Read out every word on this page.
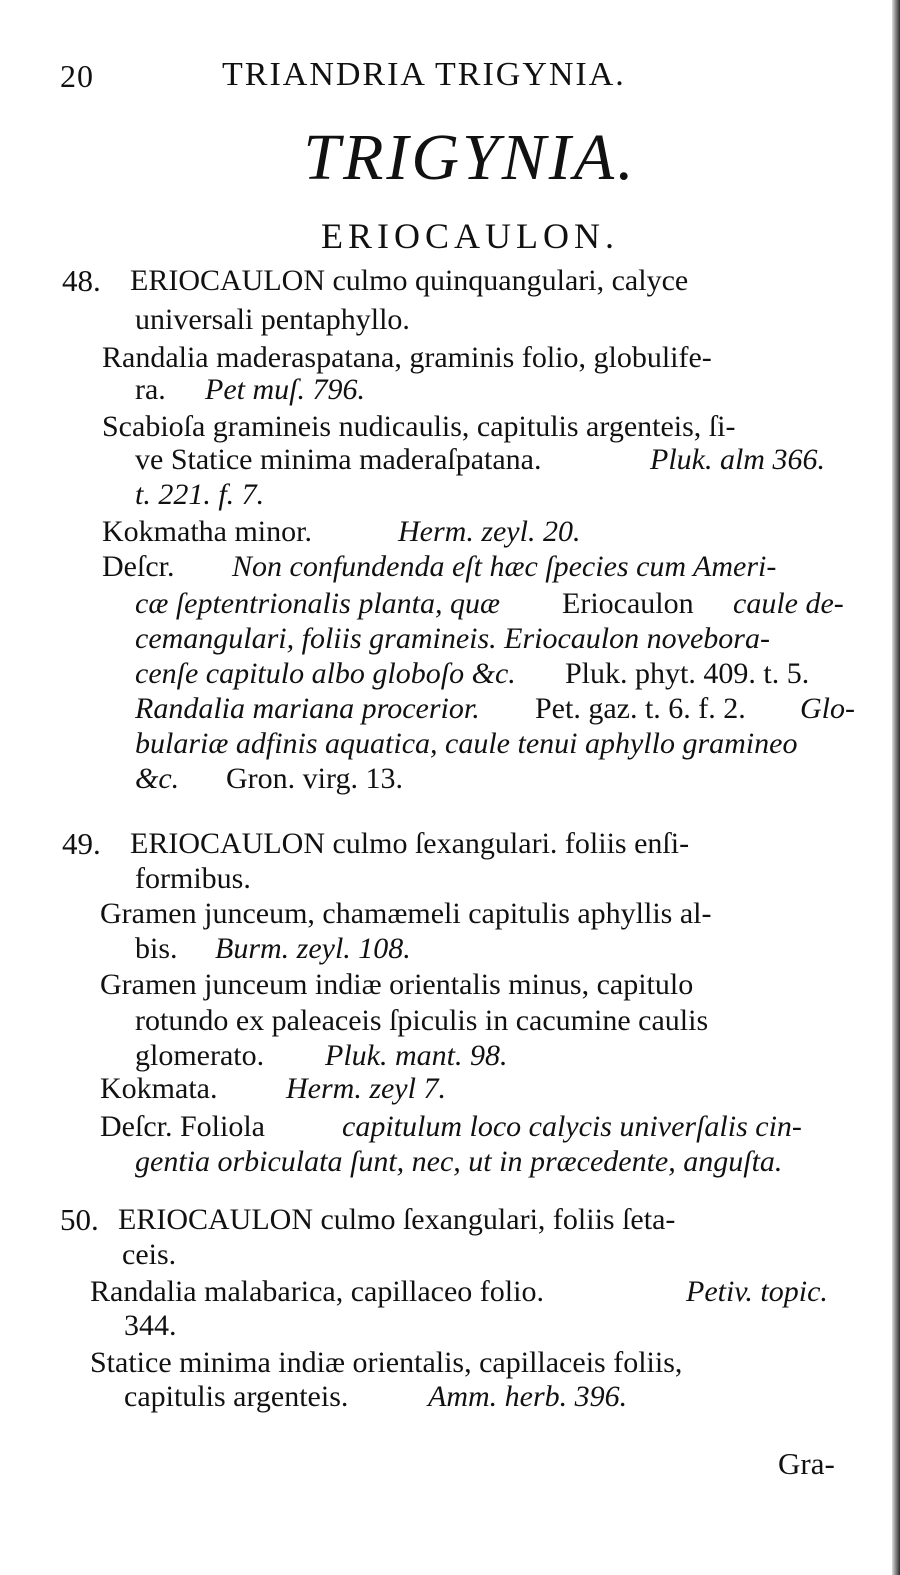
20	TRIANDRIA TRIGYNIA.
TRIGYNIA.
ERIOCAULON.
48. ERIOCAULON culmo quinquangulari, calyce
universali pentaphyllo.
Randalia maderaspatana, graminis folio, globulife-
ra. Pet muſ. 796.
Scabioſa gramineis nudicaulis, capitulis argenteis, ſi-
ve Statice minima maderaſpatana.	Pluk. alm 366.
t. 221. f. 7.
Kokmatha minor.	Herm. zeyl. 20.
Deſcr. Non confundenda eſt hæc ſpecies cum Ameri-
cæ ſeptentrionalis planta, quæ Eriocaulon caule de-
cemangulari, foliis gramineis. Eriocaulon novebora-
cenſe capitulo albo globoſo &c. Pluk. phyt. 409. t. 5.
Randalia mariana procerior. Pet. gaz. t. 6. f. 2. Glo-
bulariæ adfinis aquatica, caule tenui aphyllo gramineo
&c. Gron. virg. 13.
49. ERIOCAULON culmo ſexangulari. foliis enſi-
formibus.
Gramen junceum, chamæmeli capitulis aphyllis al-
bis. Burm. zeyl. 108.
Gramen junceum indiæ orientalis minus, capitulo
rotundo ex paleaceis ſpiculis in cacumine caulis
glomerato. Pluk. mant. 98.
Kokmata. Herm. zeyl 7.
Deſcr. Foliola	capitulum loco calycis univerſalis cin-
gentia orbiculata ſunt, nec, ut in præcedente, anguſta.
50. ERIOCAULON culmo ſexangulari, foliis ſeta-
ceis.
Randalia malabarica, capillaceo folio.	Petiv. topic.
344.
Statice minima indiæ orientalis, capillaceis foliis,
capitulis argenteis.	Amm. herb. 396.
Gra-
